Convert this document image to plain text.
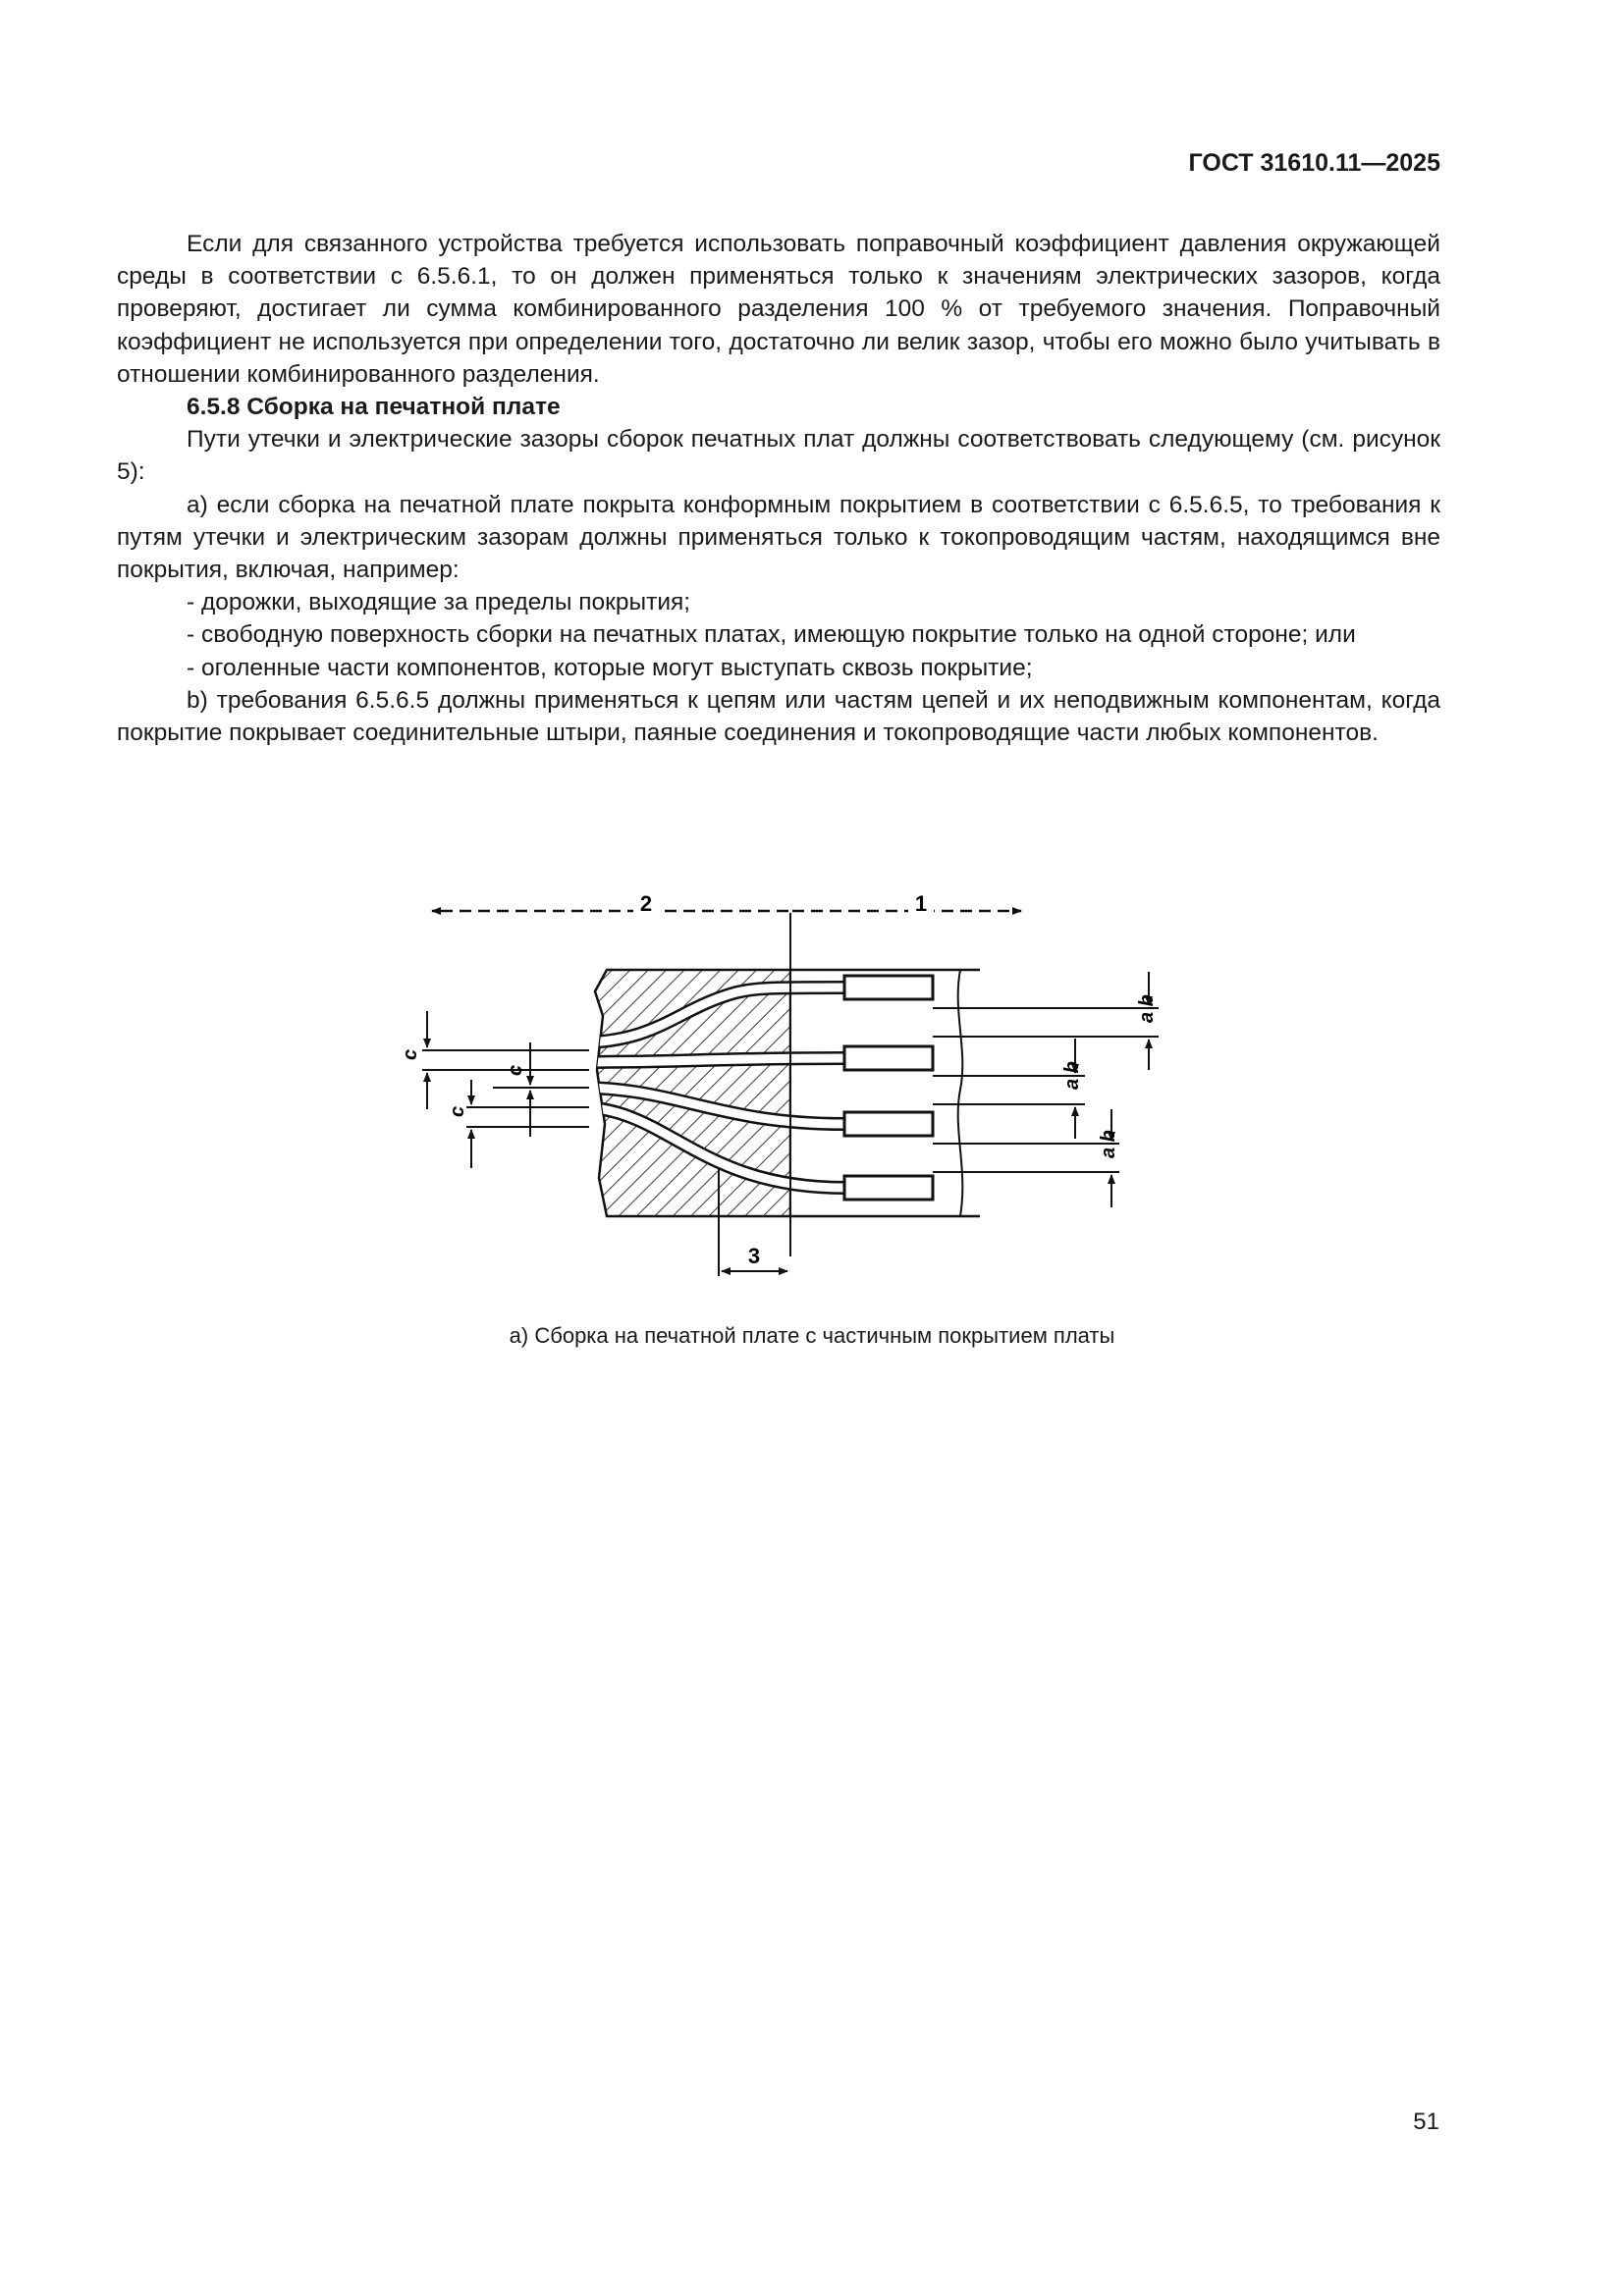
ГОСТ 31610.11—2025

Если для связанного устройства требуется использовать поправочный коэффициент давления окружающей среды в соответствии с 6.5.6.1, то он должен применяться только к значениям электрических зазоров, когда проверяют, достигает ли сумма комбинированного разделения 100 % от требуемого значения. Поправочный коэффициент не используется при определении того, достаточно ли велик зазор, чтобы его можно было учитывать в отношении комбинированного разделения.

6.5.8 Сборка на печатной плате

Пути утечки и электрические зазоры сборок печатных плат должны соответствовать следующему (см. рисунок 5):

a) если сборка на печатной плате покрыта конформным покрытием в соответствии с 6.5.6.5, то требования к путям утечки и электрическим зазорам должны применяться только к токопроводящим частям, находящимся вне покрытия, включая, например:

- дорожки, выходящие за пределы покрытия;

- свободную поверхность сборки на печатных платах, имеющую покрытие только на одной стороне; или

- оголенные части компонентов, которые могут выступать сквозь покрытие;

b) требования 6.5.6.5 должны применяться к цепям или частям цепей и их неподвижным компонентам, когда покрытие покрывает соединительные штыри, паяные соединения и токопроводящие части любых компонентов.

2	1
c
c
c
a b
a b
a b
3
а) Сборка на печатной плате с частичным покрытием платы
51
